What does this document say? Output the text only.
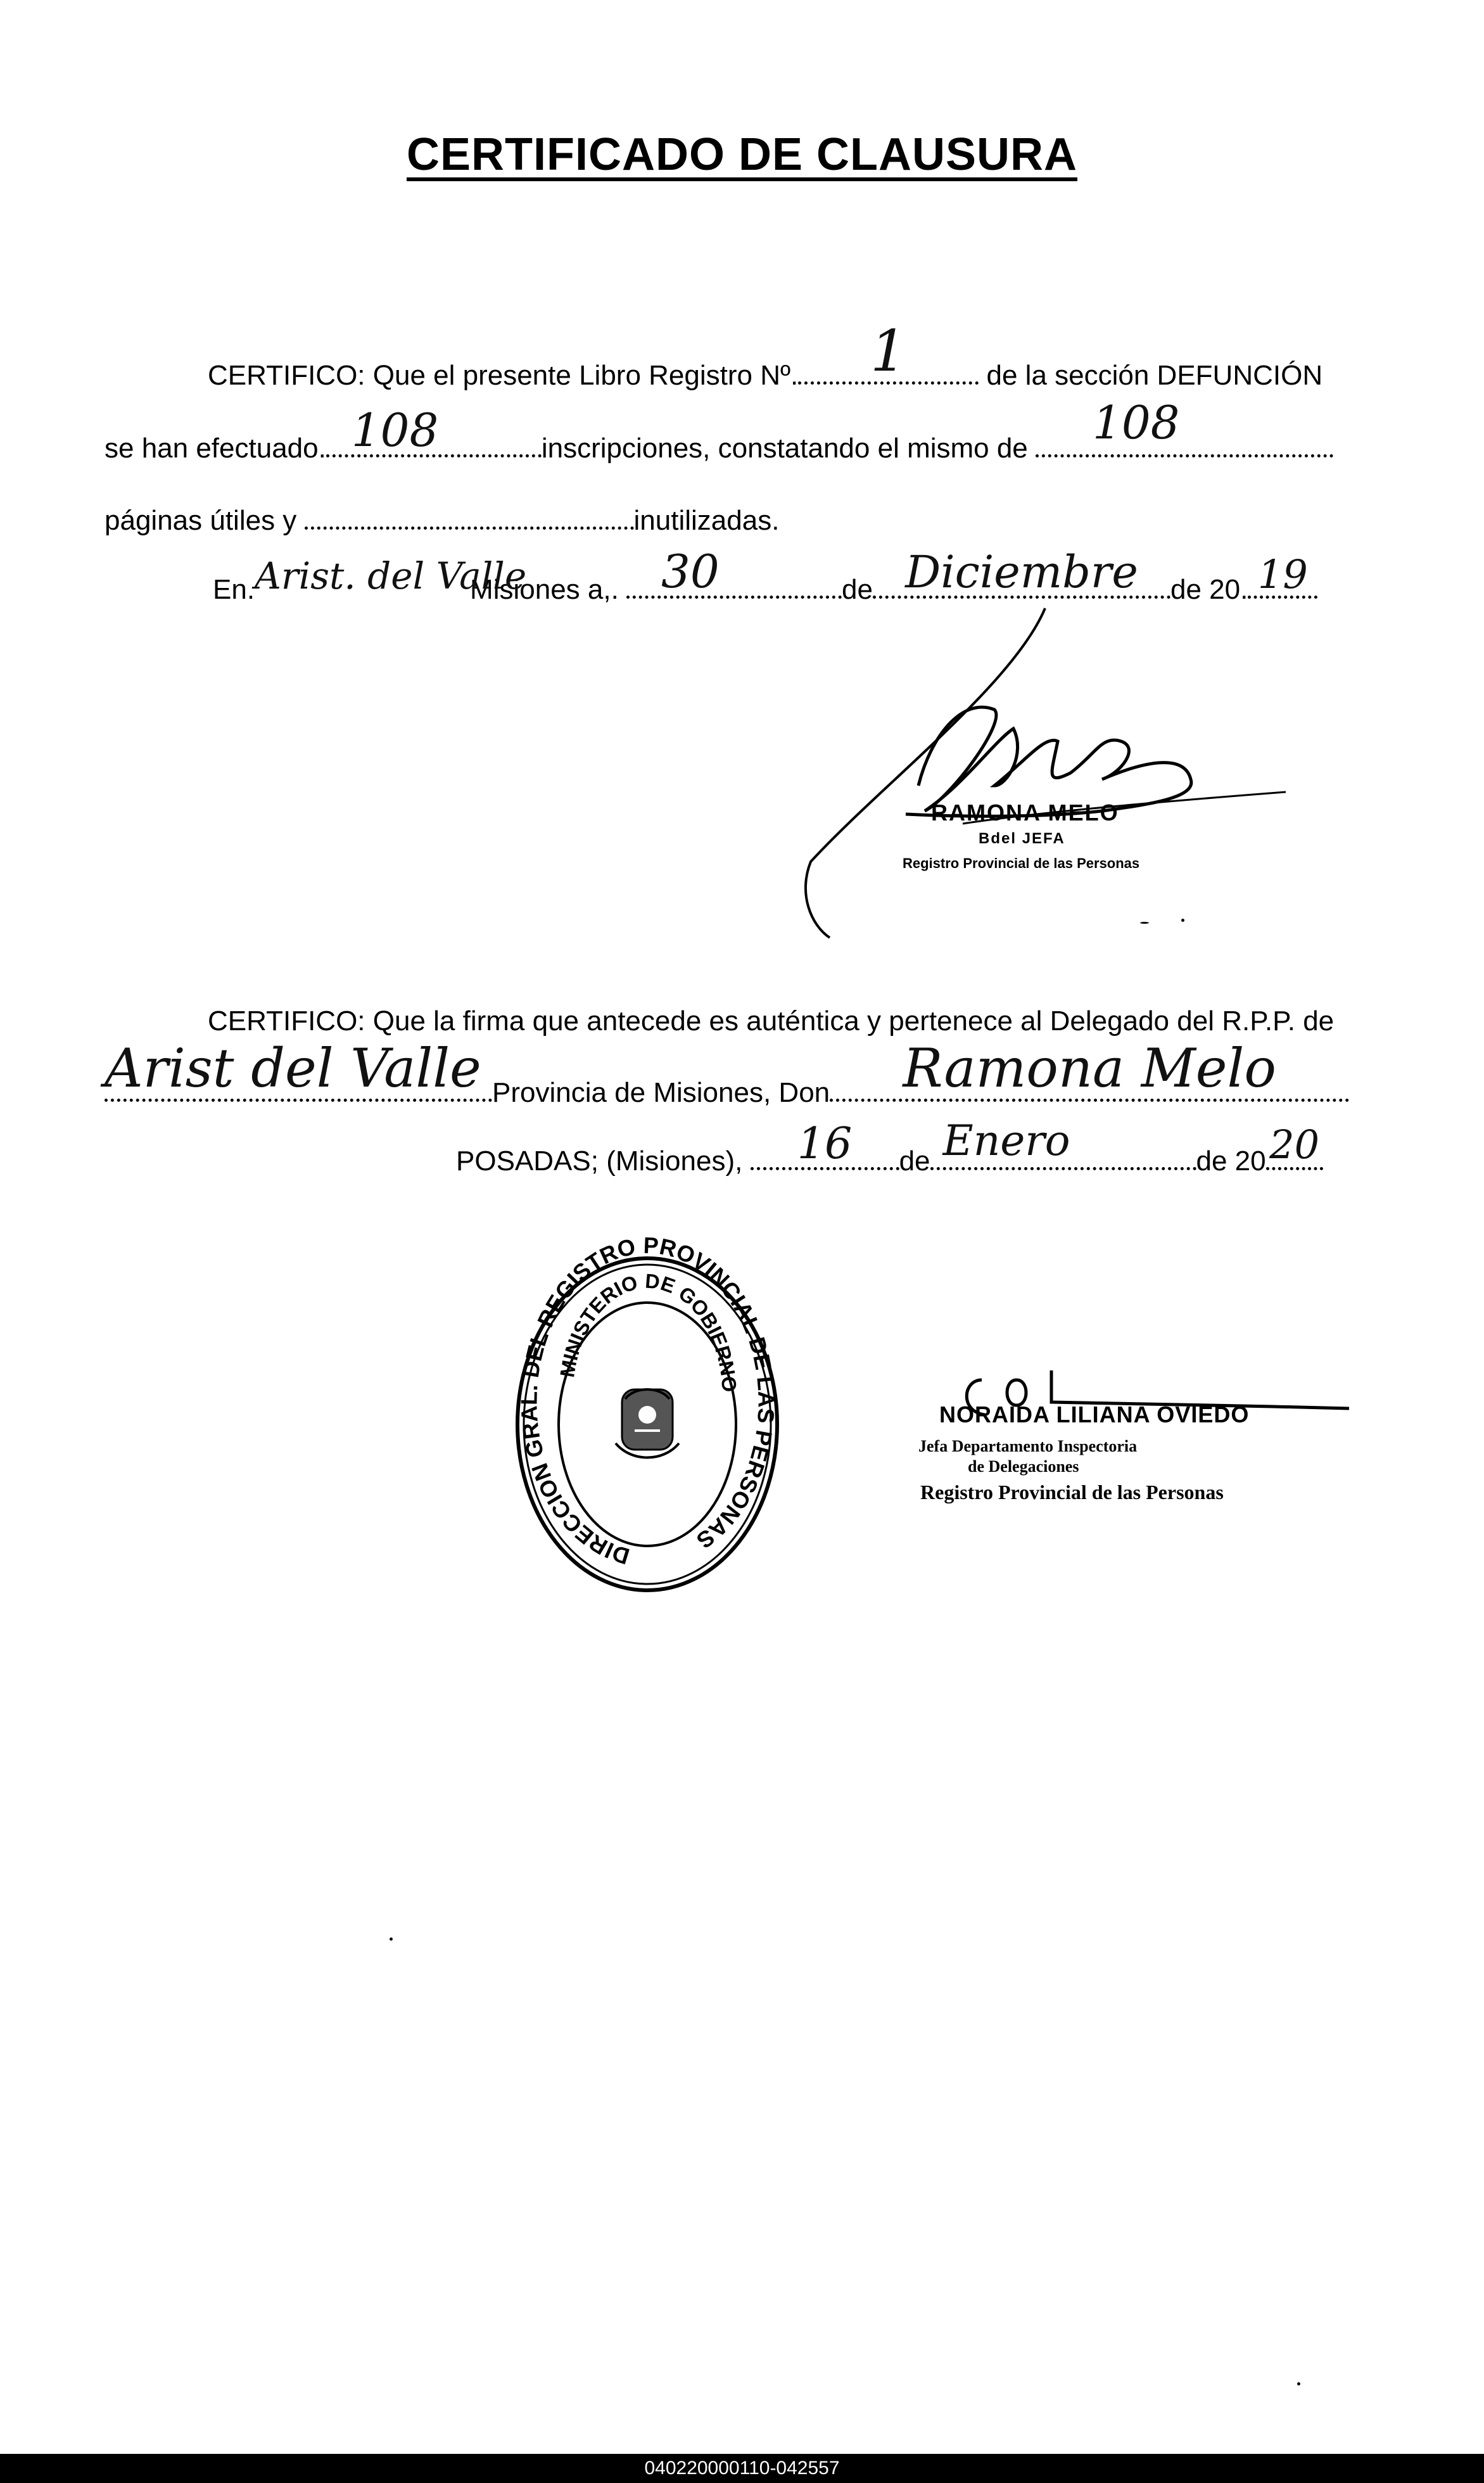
CERTIFICADO DE CLAUSURA
CERTIFICO: Que el presente Libro Registro Nº.	1	de la sección DEFUNCIÓN
se han efectuado. 108	inscripciones, constatando el mismo de	108
páginas útiles y	inutilizadas.
En. Arist. del Valle
Misiones a,. 30	de Diciembre	de 20. 19
RAMONA MELO
Bdel JEFA
Registro Provincial de las Personas
CERTIFICO: Que la firma que antecede es auténtica y pertenece al Delegado del R.P.P. de
Arist del Valle Provincia de Misiones, Don	Ramona Melo
POSADAS; (Misiones),	16	de Enero	de 20 20
DIRECCION GRAL. DEL REGISTRO PROVINCIAL DE LAS PERSONAS
MINISTERIO DE GOBIERNO
NORAIDA LILIANA OVIEDO
Jefa Departamento Inspectoria
de Delegaciones
Registro Provincial de las Personas
040220000110-042557
